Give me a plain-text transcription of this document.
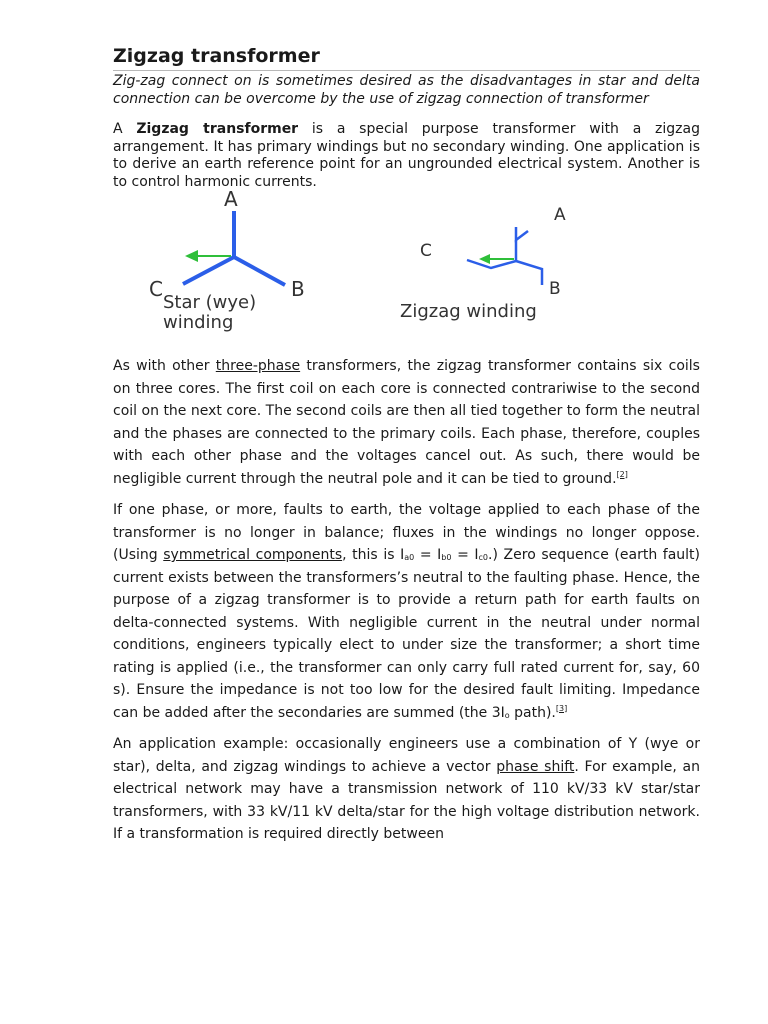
Zigzag transformer

Zig-zag connect on is sometimes desired as the disadvantages in star and delta connection can be overcome by the use of zigzag connection of transformer

A Zigzag transformer is a special purpose transformer with a zigzag arrangement. It has primary windings but no secondary winding. One application is to derive an earth reference point for an ungrounded electrical system. Another is to control harmonic currents.

A
C	B
Star (wye)
winding
A
C
B
Zigzag winding

As with other three-phase transformers, the zigzag transformer contains six coils on three cores. The first coil on each core is connected contrariwise to the second coil on the next core. The second coils are then all tied together to form the neutral and the phases are connected to the primary coils. Each phase, therefore, couples with each other phase and the voltages cancel out. As such, there would be negligible current through the neutral pole and it can be tied to ground.[2]

If one phase, or more, faults to earth, the voltage applied to each phase of the transformer is no longer in balance; fluxes in the windings no longer oppose. (Using symmetrical components, this is $I_{a0} = I_{b0} = I_{c0}$.) Zero sequence (earth fault) current exists between the transformers’s neutral to the faulting phase. Hence, the purpose of a zigzag transformer is to provide a return path for earth faults on delta-connected systems. With negligible current in the neutral under normal conditions, engineers typically elect to under size the transformer; a short time rating is applied (i.e., the transformer can only carry full rated current for, say, 60 s). Ensure the impedance is not too low for the desired fault limiting. Impedance can be added after the secondaries are summed (the $3I_o$ path).[3]

An application example: occasionally engineers use a combination of Y (wye or star), delta, and zigzag windings to achieve a vector phase shift. For example, an electrical network may have a transmission network of 110 kV/33 kV star/star transformers, with 33 kV/11 kV delta/star for the high voltage distribution network. If a transformation is required directly between
